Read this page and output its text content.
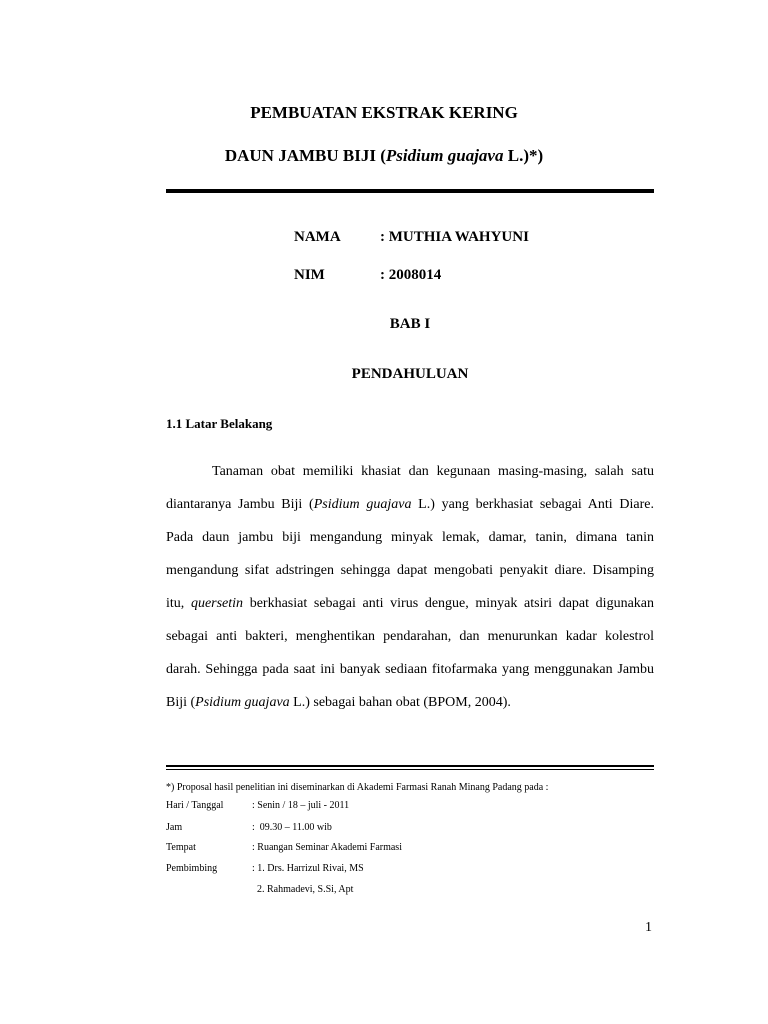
PEMBUATAN EKSTRAK KERING
DAUN JAMBU BIJI (Psidium guajava L.)*)
NAMA	: MUTHIA WAHYUNI
NIM	: 2008014
BAB I
PENDAHULUAN
1.1 Latar Belakang
Tanaman obat memiliki khasiat dan kegunaan masing-masing, salah satu
diantaranya Jambu Biji (Psidium guajava L.) yang berkhasiat sebagai Anti Diare.
Pada daun jambu biji mengandung minyak lemak, damar, tanin, dimana tanin
mengandung sifat adstringen sehingga dapat mengobati penyakit diare. Disamping
itu, quersetin berkhasiat sebagai anti virus dengue, minyak atsiri dapat digunakan
sebagai anti bakteri, menghentikan pendarahan, dan menurunkan kadar kolestrol
darah. Sehingga pada saat ini banyak sediaan fitofarmaka yang menggunakan Jambu
Biji (Psidium guajava L.) sebagai bahan obat (BPOM, 2004).
*) Proposal hasil penelitian ini diseminarkan di Akademi Farmasi Ranah Minang Padang pada :
Hari / Tanggal	: Senin / 18 – juli - 2011
Jam	:  09.30 – 11.00 wib
Tempat	: Ruangan Seminar Akademi Farmasi
Pembimbing	: 1. Drs. Harrizul Rivai, MS
2. Rahmadevi, S.Si, Apt
1
